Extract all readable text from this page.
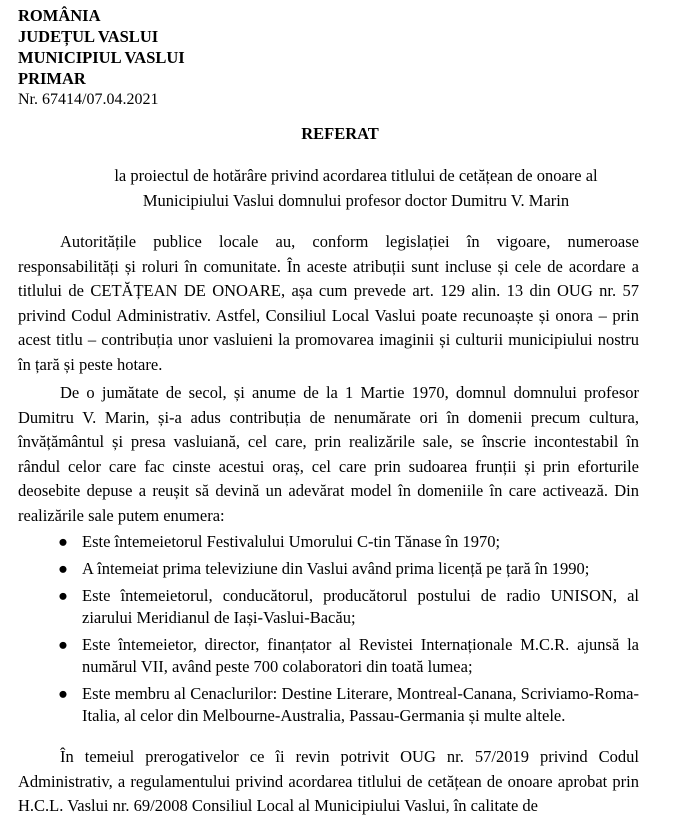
ROMÂNIA
JUDEȚUL VASLUI
MUNICIPIUL VASLUI
PRIMAR
Nr. 67414/07.04.2021
REFERAT
la proiectul de hotărâre privind acordarea titlului de cetățean de onoare al Municipiului Vaslui domnului profesor doctor Dumitru V. Marin

Autoritățile publice locale au, conform legislației în vigoare, numeroase responsabilități și roluri în comunitate. În aceste atribuții sunt incluse și cele de acordare a titlului de CETĂȚEAN DE ONOARE, așa cum prevede art. 129 alin. 13 din OUG nr. 57 privind Codul Administrativ. Astfel, Consiliul Local Vaslui poate recunoaște și onora – prin acest titlu – contribuția unor vasluieni la promovarea imaginii și culturii municipiului nostru în țară și peste hotare.

De o jumătate de secol, și anume de la 1 Martie 1970, domnul domnului profesor Dumitru V. Marin, și-a adus contribuția de nenumărate ori în domenii precum cultura, învățământul și presa vasluiană, cel care, prin realizările sale, se înscrie incontestabil în rândul celor care fac cinste acestui oraș, cel care prin sudoarea frunții și prin eforturile deosebite depuse a reușit să devină un adevărat model în domeniile în care activează. Din realizările sale putem enumera:

● Este întemeietorul Festivalului Umorului C-tin Tănase în 1970;
● A întemeiat prima televiziune din Vaslui având prima licență pe țară în 1990;
● Este întemeietorul, conducătorul, producătorul postului de radio UNISON, al ziarului Meridianul de Iași-Vaslui-Bacău;
● Este întemeietor, director, finanțator al Revistei Internaționale M.C.R. ajunsă la numărul VII, având peste 700 colaboratori din toată lumea;
● Este membru al Cenaclurilor: Destine Literare, Montreal-Canana, Scriviamo-Roma-Italia, al celor din Melbourne-Australia, Passau-Germania și multe altele.

În temeiul prerogativelor ce îi revin potrivit OUG nr. 57/2019 privind Codul Administrativ, a regulamentului privind acordarea titlului de cetățean de onoare aprobat prin H.C.L. Vaslui nr. 69/2008 Consiliul Local al Municipiului Vaslui, în calitate de
